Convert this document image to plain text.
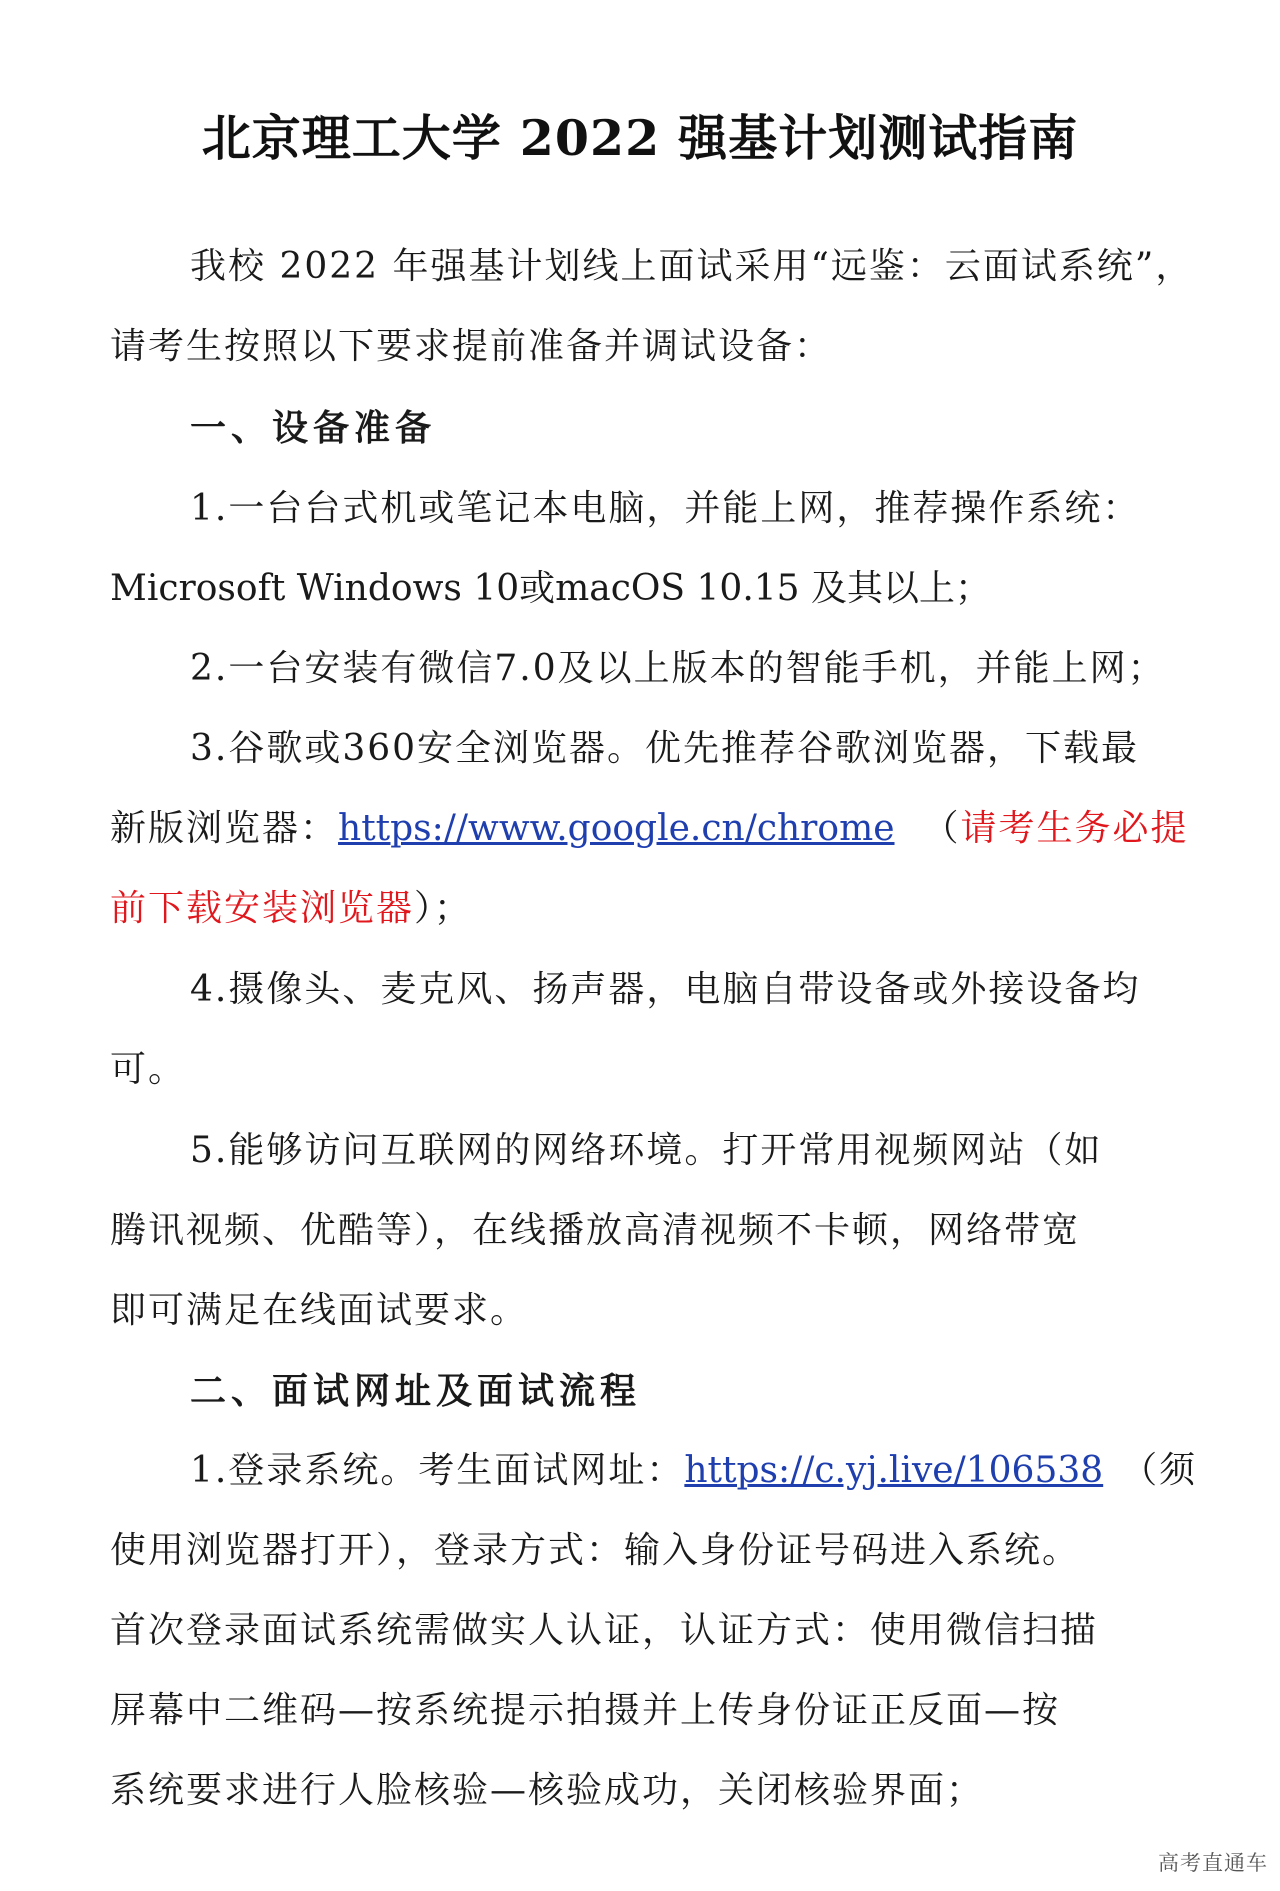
北京理工大学 2022 强基计划测试指南
我校 2022 年强基计划线上面试采用“远鉴：云面试系统”，
请考生按照以下要求提前准备并调试设备：
一、设备准备
1.一台台式机或笔记本电脑，并能上网，推荐操作系统：
Microsoft Windows 10或macOS 10.15 及其以上；
2.一台安装有微信7.0及以上版本的智能手机，并能上网；
3.谷歌或360安全浏览器。优先推荐谷歌浏览器，下载最
新版浏览器：https://www.google.cn/chrome （请考生务必提
前下载安装浏览器）；
4.摄像头、麦克风、扬声器，电脑自带设备或外接设备均
可。
5.能够访问互联网的网络环境。打开常用视频网站（如
腾讯视频、优酷等），在线播放高清视频不卡顿，网络带宽
即可满足在线面试要求。
二、面试网址及面试流程
1.登录系统。考生面试网址：https://c.yj.live/106538 （须
使用浏览器打开），登录方式：输入身份证号码进入系统。
首次登录面试系统需做实人认证，认证方式：使用微信扫描
屏幕中二维码—按系统提示拍摄并上传身份证正反面—按
系统要求进行人脸核验—核验成功，关闭核验界面；
高考直通车
